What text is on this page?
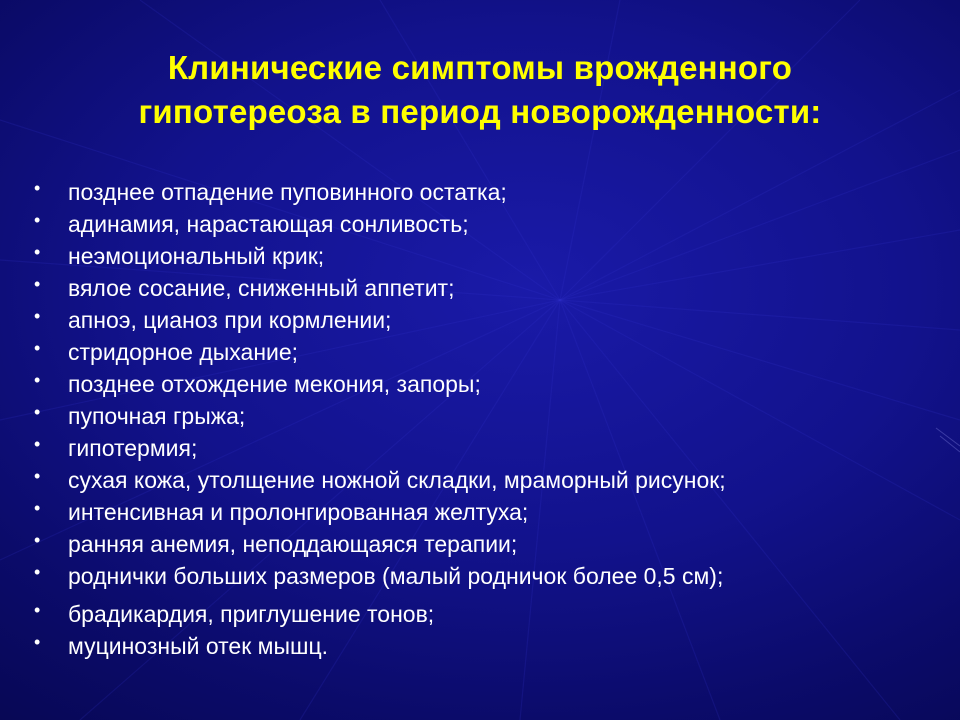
Клинические симптомы врожденного
гипотереоза в период новорожденности:
• позднее отпадение пуповинного остатка;
• адинамия, нарастающая сонливость;
• неэмоциональный крик;
• вялое сосание, сниженный аппетит;
• апноэ, цианоз при кормлении;
• стридорное дыхание;
• позднее отхождение мекония, запоры;
• пупочная грыжа;
• гипотермия;
• сухая кожа, утолщение ножной складки, мраморный рисунок;
• интенсивная и пролонгированная желтуха;
• ранняя анемия, неподдающаяся терапии;
• роднички больших размеров (малый родничок более 0,5 см);
• брадикардия, приглушение тонов;
• муцинозный отек мышц.
